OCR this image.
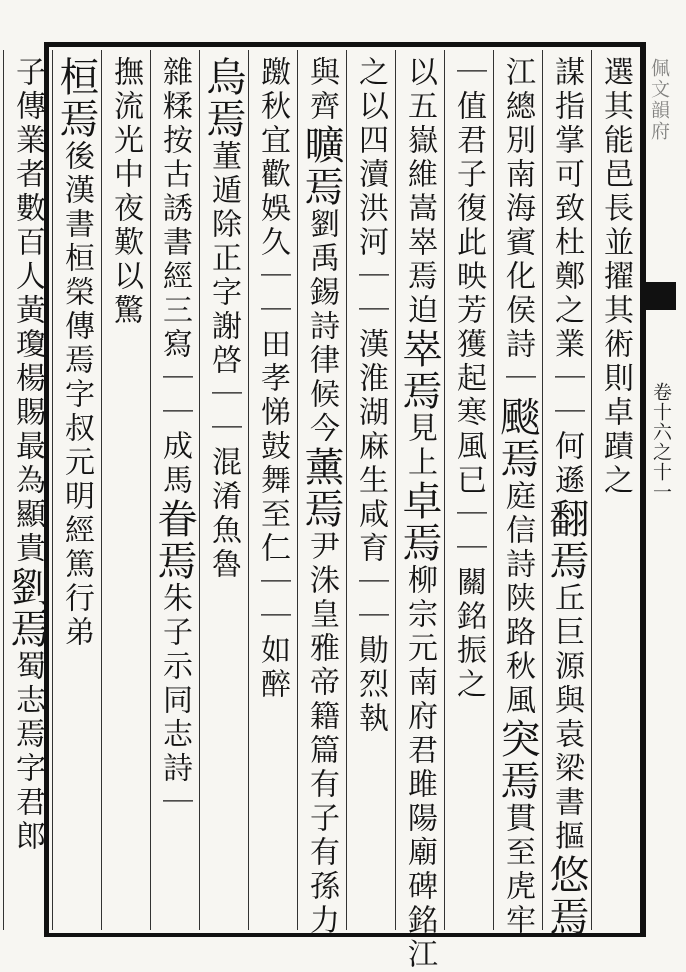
佩文韻府
卷十六之十一
選其能邑長並擢其術則卓蹟之
謀指掌可致杜鄭之業｜｜何遜翻焉丘巨源與袁梁書摳悠焉
江總別南海賓化侯詩｜颷焉庭信詩陕路秋風突焉貫至虎牢
｜值君子復此映芳獲起寒風已｜｜關銘振之
以五嶽維嵩崒焉迫崒焉見上卓焉柳宗元南府君雎陽廟碑銘江
之以四瀆洪河｜｜漢淮湖麻生咸育｜｜勛烈執
與齊曠焉劉禹錫詩律候今薰焉尹洙皇雅帝籍篇有子有孫力
躈秋宜歡娛久｜｜田孝悌鼓舞至仁｜｜如醉
烏焉董遁除正字謝啓｜｜混淆魚魯
雜糅按古誘書經三寫｜｜成馬眷焉朱子示同志詩｜
撫流光中夜歎以驚
桓焉後漢書桓榮傳焉字叔元明經篤行弟
子傳業者數百人黃瓊楊賜最為顯貴劉焉蜀志焉字君郎
